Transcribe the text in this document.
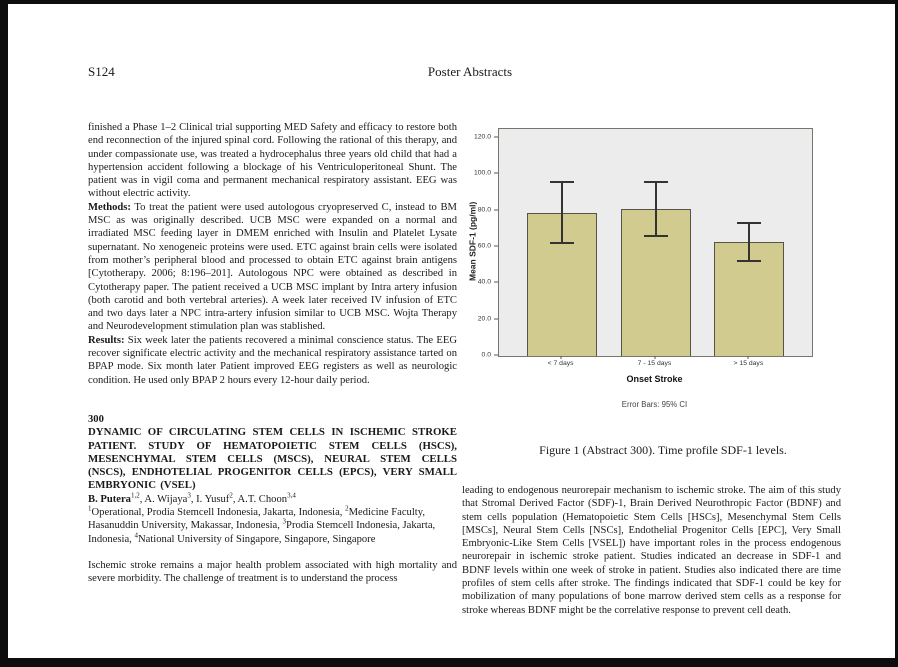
S124	Poster Abstracts

finished a Phase 1–2 Clinical trial supporting MED Safety and efficacy to restore both end reconnection of the injured spinal cord. Following the rational of this therapy, and under compassionate use, was treated a hydrocephalus three years old child that had a hypertension accident following a blockage of his Ventriculoperitoneal Shunt. The patient was in vigil coma and permanent mechanical respiratory assistant. EEG was without electric activity.

Methods: To treat the patient were used autologous cryopreserved C, instead to BM MSC as was originally described. UCB MSC were expanded on a normal and irradiated MSC feeding layer in DMEM enriched with Insulin and Platelet Lysate supernatant. No xenogeneic proteins were used. ETC against brain cells were isolated from mother’s peripheral blood and processed to obtain ETC against brain antigens [Cytotherapy. 2006; 8:196–201]. Autologous NPC were obtained as described in Cytotherapy paper. The patient received a UCB MSC implant by Intra artery infusion (both carotid and both vertebral arteries). A week later received IV infusion of ETC and two days later a NPC intra-artery infusion similar to UCB MSC. Wojta Therapy and Neurodevelopment stimulation plan was stablished.

Results: Six week later the patients recovered a minimal conscience status. The EEG recover significate electric activity and the mechanical respiratory assistance tarted on BPAP mode. Six month later Patient improved EEG registers as well as neurologic condition. He used only BPAP 2 hours every 12-hour daily period.

300

DYNAMIC OF CIRCULATING STEM CELLS IN ISCHEMIC STROKE PATIENT. STUDY OF HEMATOPOIETIC STEM CELLS (HSCS), MESENCHYMAL STEM CELLS (MSCS), NEURAL STEM CELLS (NSCS), ENDHOTELIAL PROGENITOR CELLS (EPCS), VERY SMALL EMBRYONIC (VSEL)

B. Putera$^{1,2}$, A. Wijaya$^3$, I. Yusuf$^2$, A.T. Choon$^{3,4}$

$^1$Operational, Prodia Stemcell Indonesia, Jakarta, Indonesia, $^2$Medicine Faculty, Hasanuddin University, Makassar, Indonesia, $^3$Prodia Stemcell Indonesia, Jakarta, Indonesia, $^4$National University of Singapore, Singapore, Singapore

Ischemic stroke remains a major health problem associated with high mortality and severe morbidity. The challenge of treatment is to understand the process

Mean SDF-1 (pg/ml)
0.0
20.0
40.0
60.0
80.0
100.0
120.0
< 7 days	7 - 15 days	> 15 days
Onset Stroke
Error Bars: 95% CI
Figure 1 (Abstract 300). Time profile SDF-1 levels.

leading to endogenous neurorepair mechanism to ischemic stroke. The aim of this study that Stromal Derived Factor (SDF)-1, Brain Derived Neurothropic Factor (BDNF) and stem cells population (Hematopoietic Stem Cells [HSCs], Mesenchymal Stem Cells [MSCs], Neural Stem Cells [NSCs], Endothelial Progenitor Cells [EPC], Very Small Embryonic-Like Stem Cells [VSEL]) have important roles in the process endogenous neurorepair in ischemic stroke patient. Studies indicated an decrease in SDF-1 and BDNF levels within one week of stroke in patient. Studies also indicated there are time profiles of stem cells after stroke. The findings indicated that SDF-1 could be key for mobilization of many populations of bone marrow derived stem cells as a response for stroke whereas BDNF might be the correlative response to prevent cell death.
